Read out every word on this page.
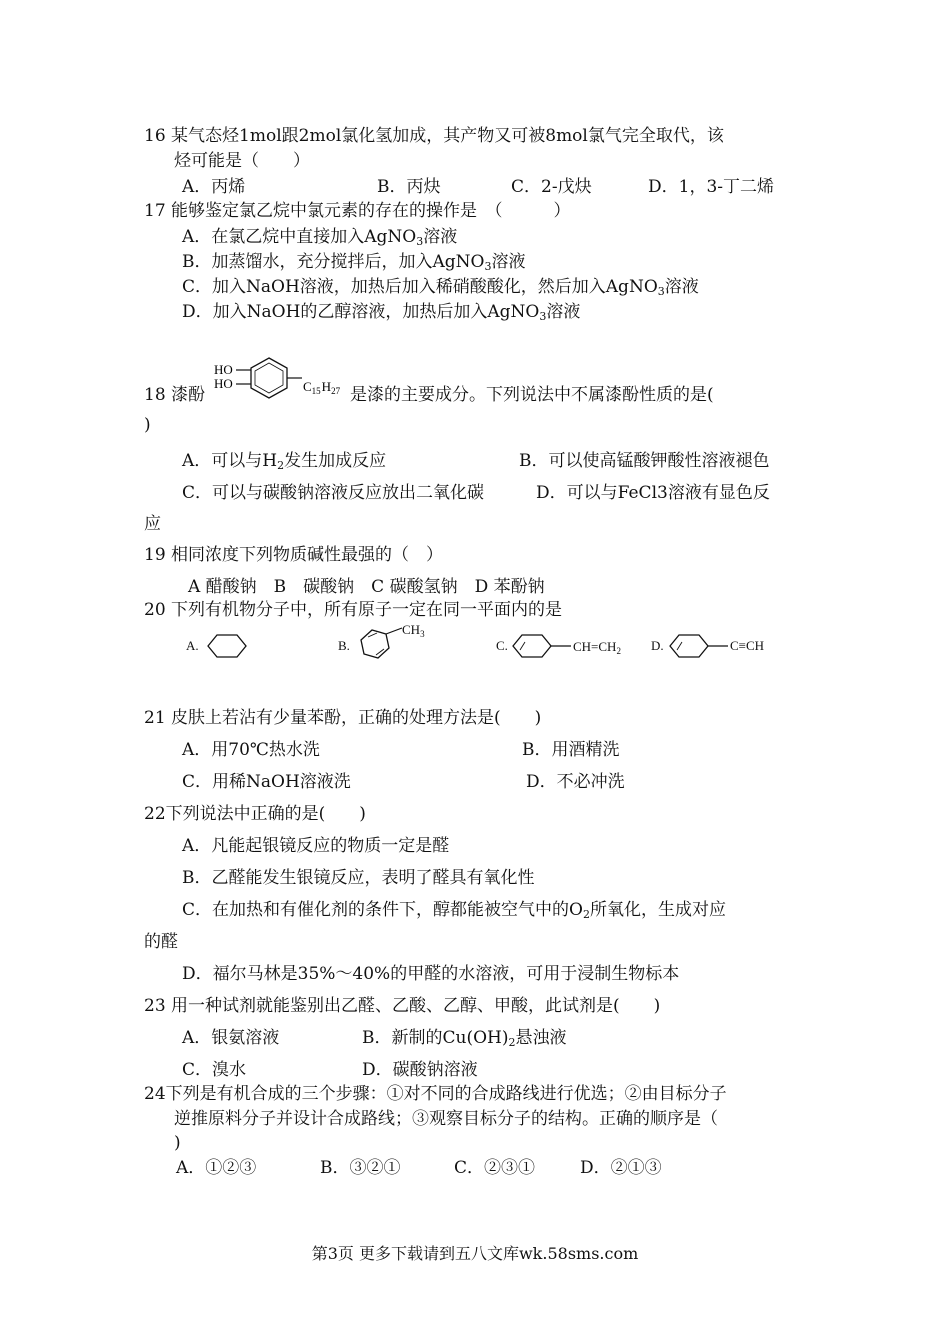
16 某气态烃1mol跟2mol氯化氢加成，其产物又可被8mol氯气完全取代，该
烃可能是（　　）
A．丙烯	B．丙炔	C．2-戊炔	D．1，3-丁二烯
17 能够鉴定氯乙烷中氯元素的存在的操作是　（　　　）
A．在氯乙烷中直接加入AgNO$_3$溶液
B．加蒸馏水，充分搅拌后，加入AgNO$_3$溶液
C．加入NaOH溶液，加热后加入稀硝酸酸化，然后加入AgNO$_3$溶液
D．加入NaOH的乙醇溶液，加热后加入AgNO$_3$溶液
18 漆酚
HO
HO	$C_{15}H_{27}$ 是漆的主要成分。下列说法中不属漆酚性质的是(
)
A．可以与$H_2$发生加成反应	B．可以使高锰酸钾酸性溶液褪色
C．可以与碳酸钠溶液反应放出二氧化碳	D．可以与FeCl3溶液有显色反
应
19 相同浓度下列物质碱性最强的（　）
A 醋酸钠　B　碳酸钠　C 碳酸氢钠　D 苯酚钠
20 下列有机物分子中，所有原子一定在同一平面内的是
A.	B.
$CH_3$
C.	$CH=CH_2$ D.	C≡CH
21 皮肤上若沾有少量苯酚，正确的处理方法是(　　)
A．用70℃热水洗	B．用酒精洗
C．用稀NaOH溶液洗	D．不必冲洗
22下列说法中正确的是(　　)
A．凡能起银镜反应的物质一定是醛
B．乙醛能发生银镜反应，表明了醛具有氧化性
C．在加热和有催化剂的条件下，醇都能被空气中的$O_2$所氧化，生成对应
的醛
D．福尔马林是35%～40%的甲醛的水溶液，可用于浸制生物标本
23 用一种试剂就能鉴别出乙醛、乙酸、乙醇、甲酸，此试剂是(　　)
A．银氨溶液	B．新制的$Cu(OH)_2$悬浊液
C．溴水	D．碳酸钠溶液
24下列是有机合成的三个步骤：①对不同的合成路线进行优选；②由目标分子
逆推原料分子并设计合成路线；③观察目标分子的结构。正确的顺序是（
)
A．①②③	B．③②①	C．②③①	D．②①③
第3页 更多下载请到五八文库wk.58sms.com
